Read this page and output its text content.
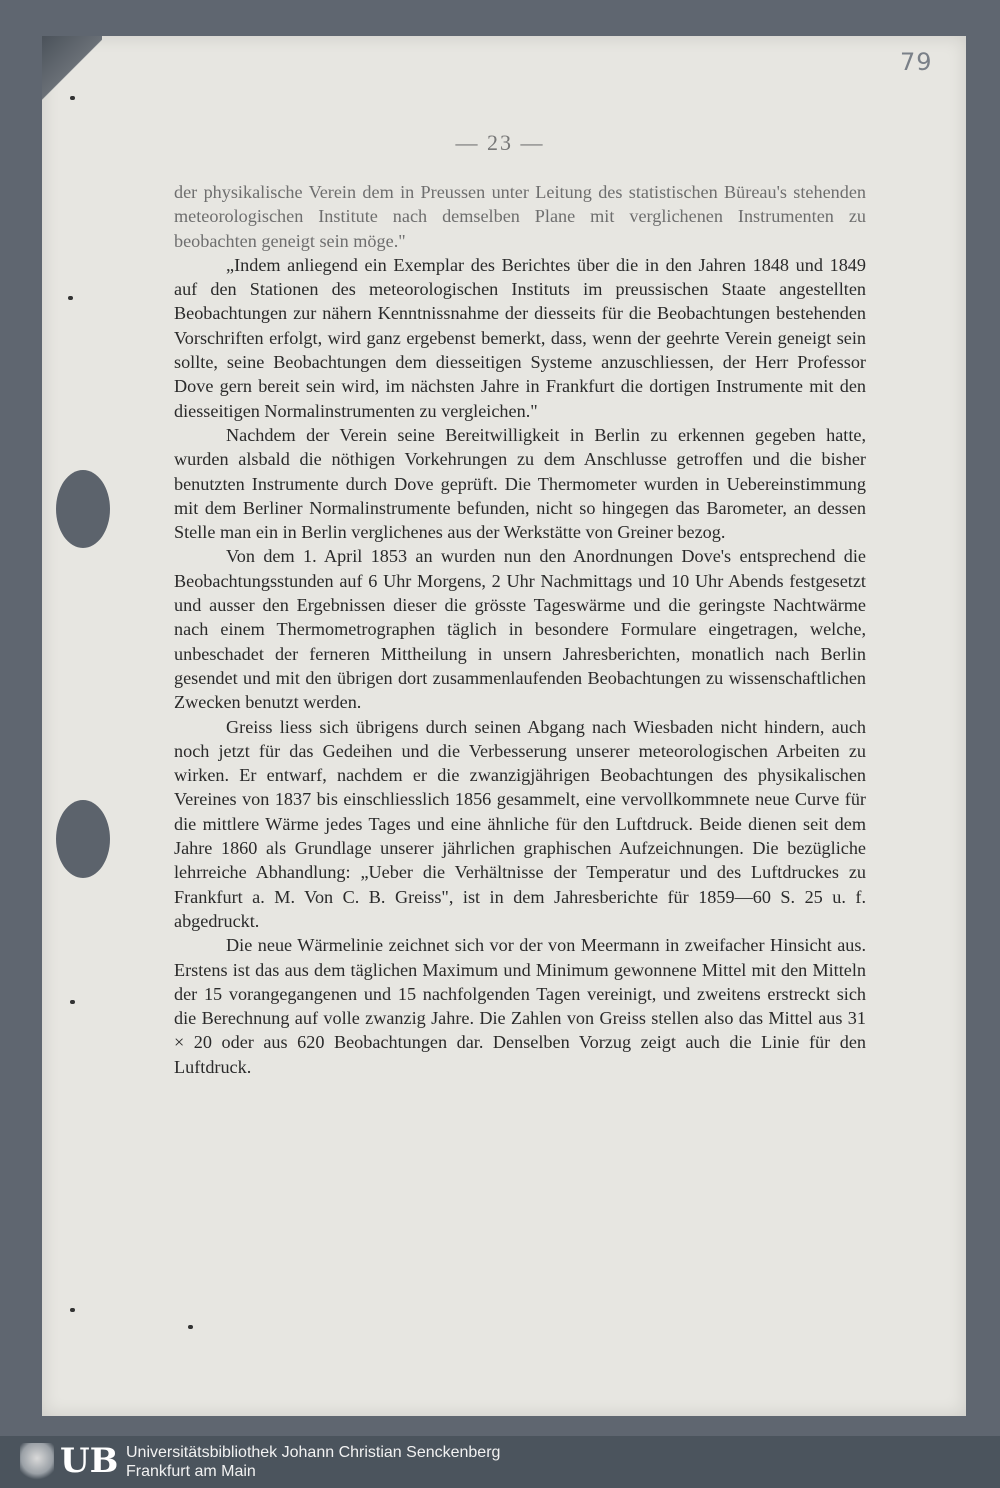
79
— 23 —

der physikalische Verein dem in Preussen unter Leitung des statistischen Büreau's stehenden meteorologischen Institute nach demselben Plane mit verglichenen Instrumenten zu beobachten geneigt sein möge."

„Indem anliegend ein Exemplar des Berichtes über die in den Jahren 1848 und 1849 auf den Stationen des meteorologischen Instituts im preussischen Staate angestellten Beobachtungen zur nähern Kenntnissnahme der diesseits für die Beobachtungen bestehenden Vorschriften erfolgt, wird ganz ergebenst bemerkt, dass, wenn der geehrte Verein geneigt sein sollte, seine Beobachtungen dem diesseitigen Systeme anzuschliessen, der Herr Professor Dove gern bereit sein wird, im nächsten Jahre in Frankfurt die dortigen Instrumente mit den diesseitigen Normalinstrumenten zu vergleichen."

Nachdem der Verein seine Bereitwilligkeit in Berlin zu erkennen gegeben hatte, wurden alsbald die nöthigen Vorkehrungen zu dem Anschlusse getroffen und die bisher benutzten Instrumente durch Dove geprüft. Die Thermometer wurden in Uebereinstimmung mit dem Berliner Normalinstrumente befunden, nicht so hingegen das Barometer, an dessen Stelle man ein in Berlin verglichenes aus der Werkstätte von Greiner bezog.

Von dem 1. April 1853 an wurden nun den Anordnungen Dove's entsprechend die Beobachtungsstunden auf 6 Uhr Morgens, 2 Uhr Nachmittags und 10 Uhr Abends festgesetzt und ausser den Ergebnissen dieser die grösste Tageswärme und die geringste Nachtwärme nach einem Thermometrographen täglich in besondere Formulare eingetragen, welche, unbeschadet der ferneren Mittheilung in unsern Jahresberichten, monatlich nach Berlin gesendet und mit den übrigen dort zusammenlaufenden Beobachtungen zu wissenschaftlichen Zwecken benutzt werden.

Greiss liess sich übrigens durch seinen Abgang nach Wiesbaden nicht hindern, auch noch jetzt für das Gedeihen und die Verbesserung unserer meteorologischen Arbeiten zu wirken. Er entwarf, nachdem er die zwanzigjährigen Beobachtungen des physikalischen Vereines von 1837 bis einschliesslich 1856 gesammelt, eine vervollkommnete neue Curve für die mittlere Wärme jedes Tages und eine ähnliche für den Luftdruck. Beide dienen seit dem Jahre 1860 als Grundlage unserer jährlichen graphischen Aufzeichnungen. Die bezügliche lehrreiche Abhandlung: „Ueber die Verhältnisse der Temperatur und des Luftdruckes zu Frankfurt a. M. Von C. B. Greiss", ist in dem Jahresberichte für 1859—60 S. 25 u. f. abgedruckt.

Die neue Wärmelinie zeichnet sich vor der von Meermann in zweifacher Hinsicht aus. Erstens ist das aus dem täglichen Maximum und Minimum gewonnene Mittel mit den Mitteln der 15 vorangegangenen und 15 nachfolgenden Tagen vereinigt, und zweitens erstreckt sich die Berechnung auf volle zwanzig Jahre. Die Zahlen von Greiss stellen also das Mittel aus 31 × 20 oder aus 620 Beobachtungen dar. Denselben Vorzug zeigt auch die Linie für den Luftdruck.

UB Universitätsbibliothek Johann Christian Senckenberg
Frankfurt am Main
